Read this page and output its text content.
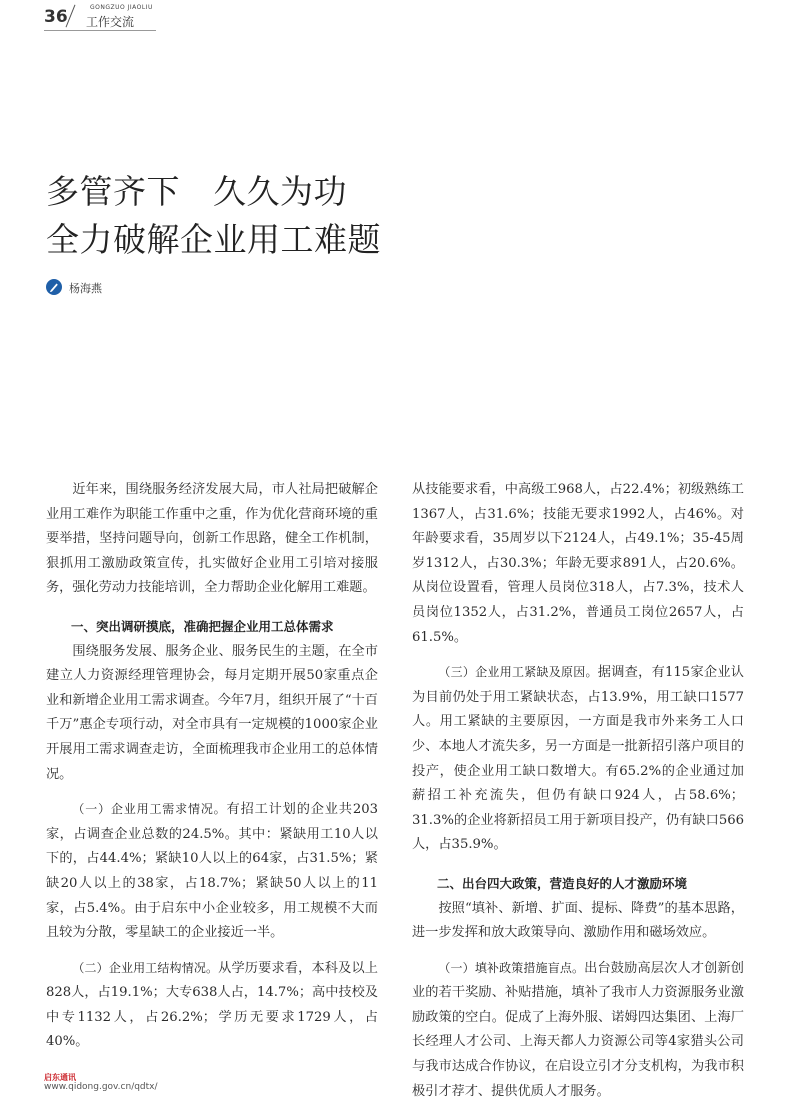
36	GONGZUO JIAOLIU
工作交流
多管齐下   久久为功
全力破解企业用工难题
杨海燕

近年来，围绕服务经济发展大局，市人社局把破解企业用工难作为职能工作重中之重，作为优化营商环境的重要举措，坚持问题导向，创新工作思路，健全工作机制，狠抓用工激励政策宣传，扎实做好企业用工引培对接服务，强化劳动力技能培训，全力帮助企业化解用工难题。

一、突出调研摸底，准确把握企业用工总体需求

围绕服务发展、服务企业、服务民生的主题，在全市建立人力资源经理管理协会，每月定期开展50家重点企业和新增企业用工需求调查。今年7月，组织开展了“十百千万”惠企专项行动，对全市具有一定规模的1000家企业开展用工需求调查走访，全面梳理我市企业用工的总体情况。

（一）企业用工需求情况。有招工计划的企业共203家，占调查企业总数的24.5%。其中：紧缺用工10人以下的，占44.4%；紧缺10人以上的64家，占31.5%；紧缺20人以上的38家，占18.7%；紧缺50人以上的11家，占5.4%。由于启东中小企业较多，用工规模不大而且较为分散，零星缺工的企业接近一半。

（二）企业用工结构情况。从学历要求看，本科及以上828人，占19.1%；大专638人占，14.7%；高中技校及中专1132人，占26.2%；学历无要求1729人，占40%。

从技能要求看，中高级工968人，占22.4%；初级熟练工1367人，占31.6%；技能无要求1992人，占46%。对年龄要求看，35周岁以下2124人，占49.1%；35-45周岁1312人，占30.3%；年龄无要求891人，占20.6%。从岗位设置看，管理人员岗位318人，占7.3%，技术人员岗位1352人，占31.2%，普通员工岗位2657人，占61.5%。

（三）企业用工紧缺及原因。据调查，有115家企业认为目前仍处于用工紧缺状态，占13.9%，用工缺口1577人。用工紧缺的主要原因，一方面是我市外来务工人口少、本地人才流失多，另一方面是一批新招引落户项目的投产，使企业用工缺口数增大。有65.2%的企业通过加薪招工补充流失，但仍有缺口924人，占58.6%；31.3%的企业将新招员工用于新项目投产，仍有缺口566人，占35.9%。

二、出台四大政策，营造良好的人才激励环境

按照“填补、新增、扩面、提标、降费”的基本思路，进一步发挥和放大政策导向、激励作用和磁场效应。

（一）填补政策措施盲点。出台鼓励高层次人才创新创业的若干奖励、补贴措施，填补了我市人力资源服务业激励政策的空白。促成了上海外服、诺姆四达集团、上海厂长经理人才公司、上海天都人力资源公司等4家猎头公司与我市达成合作协议，在启设立引才分支机构，为我市积极引才荐才、提供优质人才服务。

启东通讯
www.qidong.gov.cn/qdtx/
